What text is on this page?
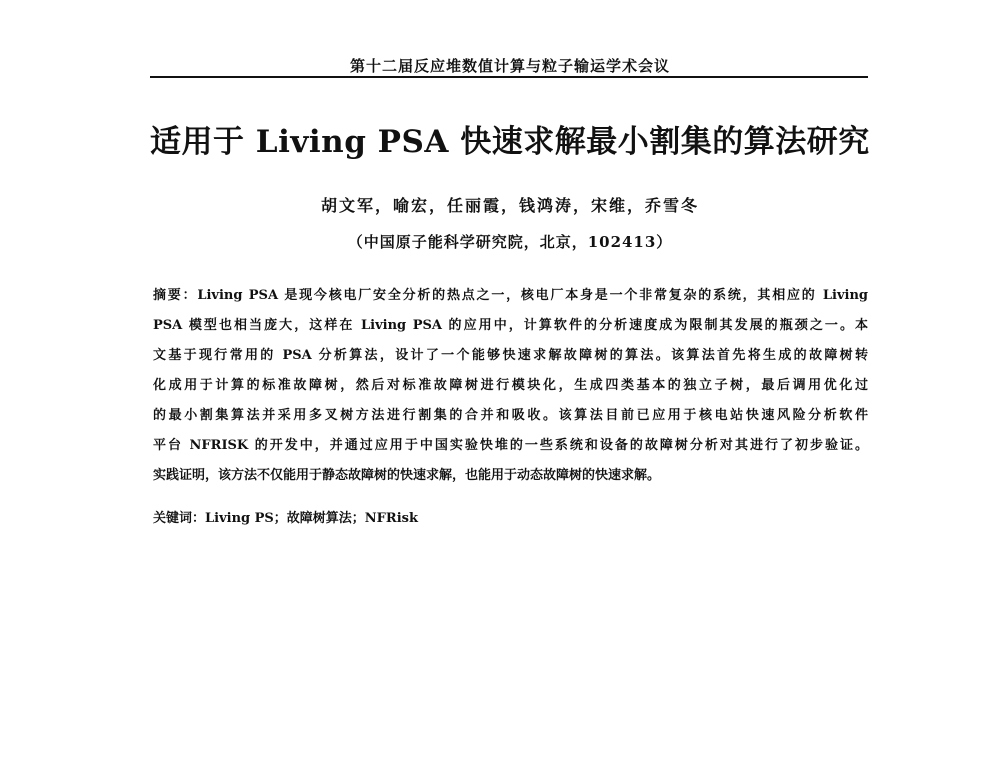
第十二届反应堆数值计算与粒子输运学术会议
适用于 Living PSA 快速求解最小割集的算法研究
胡文军，喻宏，任丽霞，钱鸿涛，宋维，乔雪冬
（中国原子能科学研究院，北京，102413）
摘要：Living PSA 是现今核电厂安全分析的热点之一，核电厂本身是一个非常复杂的系统，其相应的 Living
PSA 模型也相当庞大，这样在 Living PSA 的应用中，计算软件的分析速度成为限制其发展的瓶颈之一。本
文基于现行常用的 PSA 分析算法，设计了一个能够快速求解故障树的算法。该算法首先将生成的故障树转
化成用于计算的标准故障树，然后对标准故障树进行模块化，生成四类基本的独立子树，最后调用优化过
的最小割集算法并采用多叉树方法进行割集的合并和吸收。该算法目前已应用于核电站快速风险分析软件
平台 NFRISK 的开发中，并通过应用于中国实验快堆的一些系统和设备的故障树分析对其进行了初步验证。
实践证明，该方法不仅能用于静态故障树的快速求解，也能用于动态故障树的快速求解。
关键词：Living PS；故障树算法；NFRisk
